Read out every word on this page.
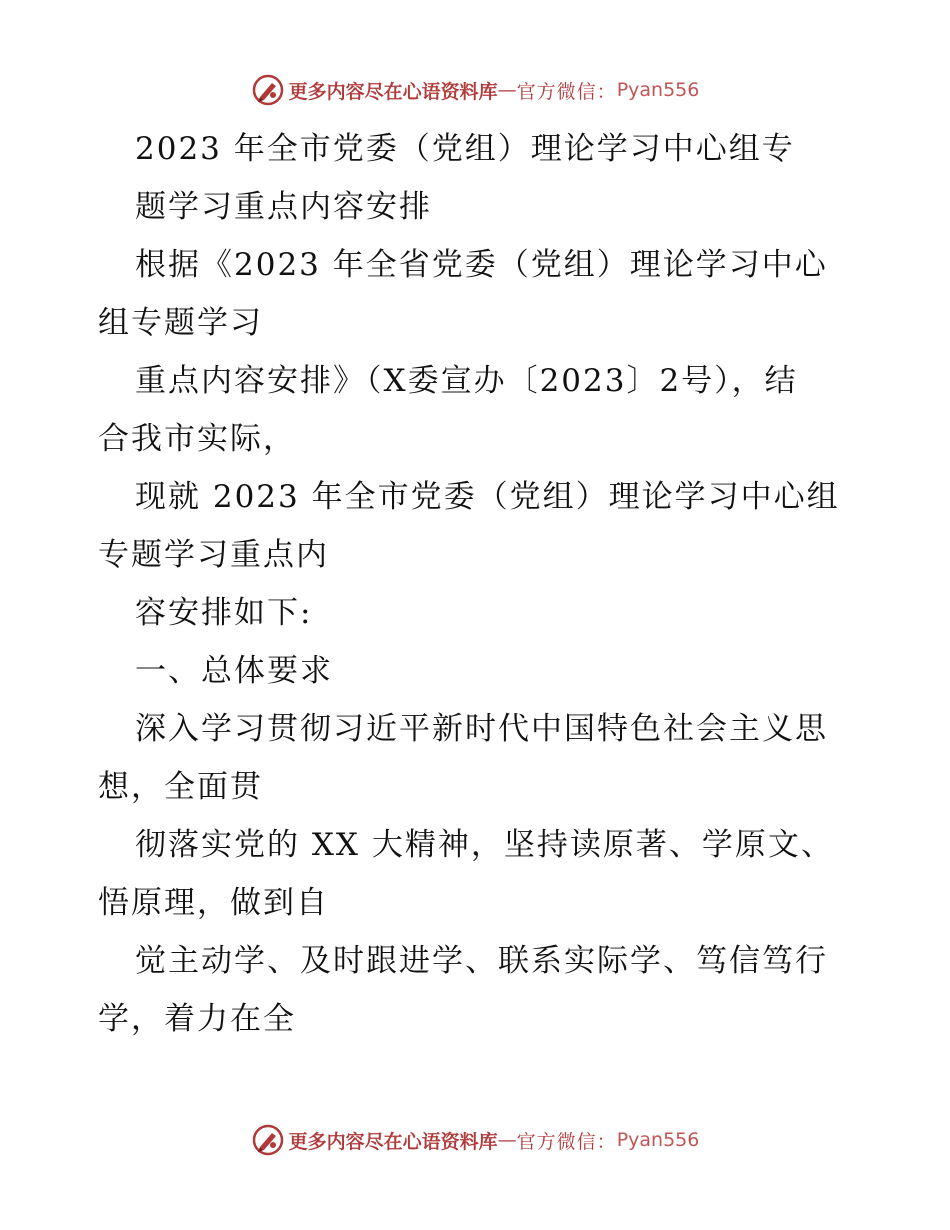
更多内容尽在心语资料库 — 官方微信： Pyan556
2023 年全市党委（党组）理论学习中心组专
题学习重点内容安排
根据《2023 年全省党委（党组）理论学习中心
组专题学习
重点内容安排》（X委宣办〔2023〕2号），结
合我市实际，
现就 2023 年全市党委（党组）理论学习中心组
专题学习重点内
容安排如下:
一、总体要求
深入学习贯彻习近平新时代中国特色社会主义思
想，全面贯
彻落实党的 XX 大精神，坚持读原著、学原文、
悟原理，做到自
觉主动学、及时跟进学、联系实际学、笃信笃行
学，着力在全
更多内容尽在心语资料库 — 官方微信： Pyan556
